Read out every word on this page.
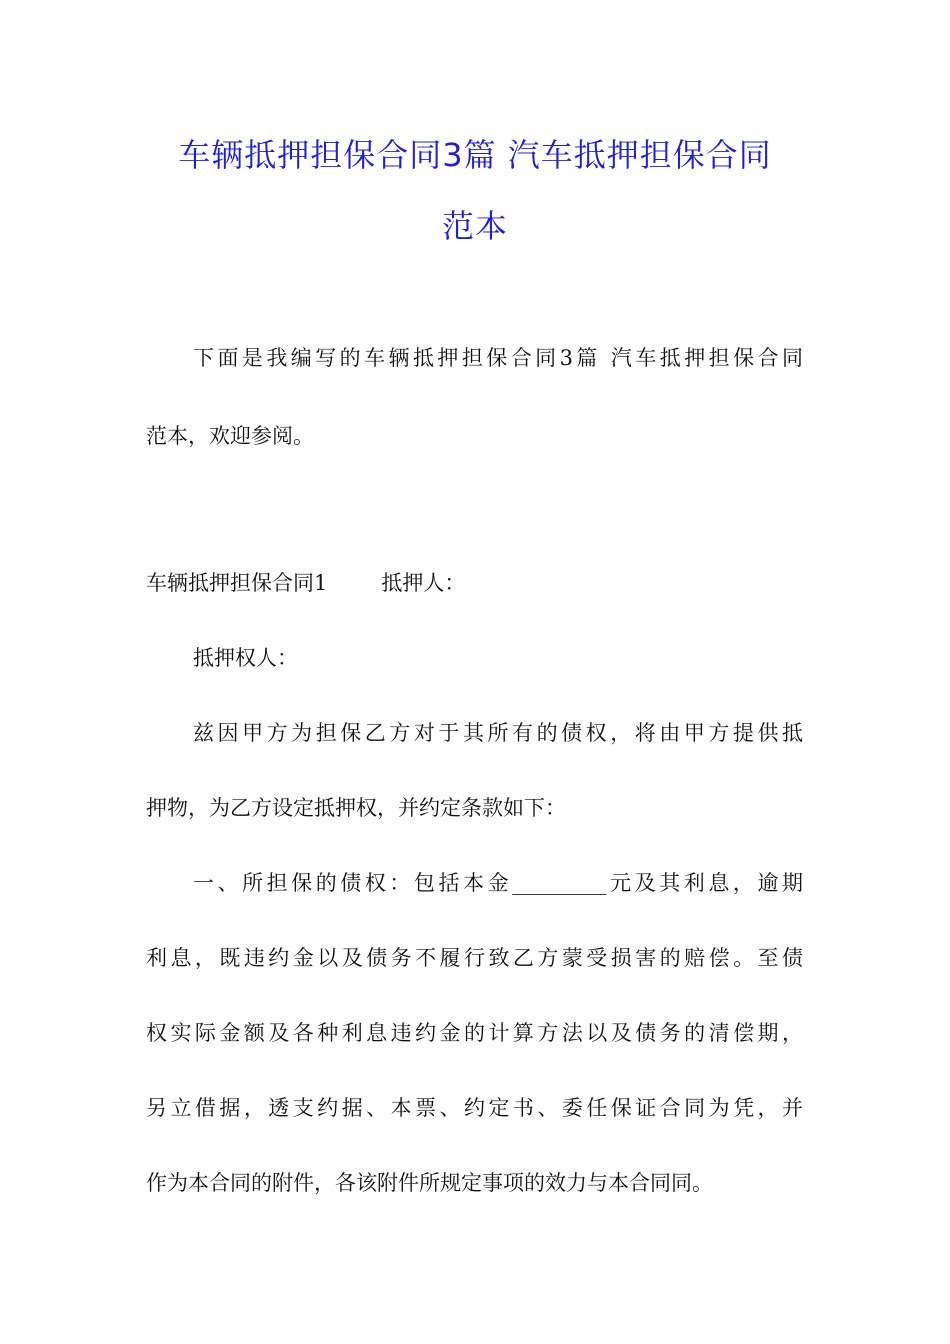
车辆抵押担保合同3篇 汽车抵押担保合同
范本
下面是我编写的车辆抵押担保合同3篇 汽车抵押担保合同
范本，欢迎参阅。
车辆抵押担保合同1	抵押人：
抵押权人：
兹因甲方为担保乙方对于其所有的债权，将由甲方提供抵
押物，为乙方设定抵押权，并约定条款如下：
一、所担保的债权：包括本金_________元及其利息，逾期
利息，既违约金以及债务不履行致乙方蒙受损害的赔偿。至债
权实际金额及各种利息违约金的计算方法以及债务的清偿期，
另立借据，透支约据、本票、约定书、委任保证合同为凭，并
作为本合同的附件，各该附件所规定事项的效力与本合同同。
